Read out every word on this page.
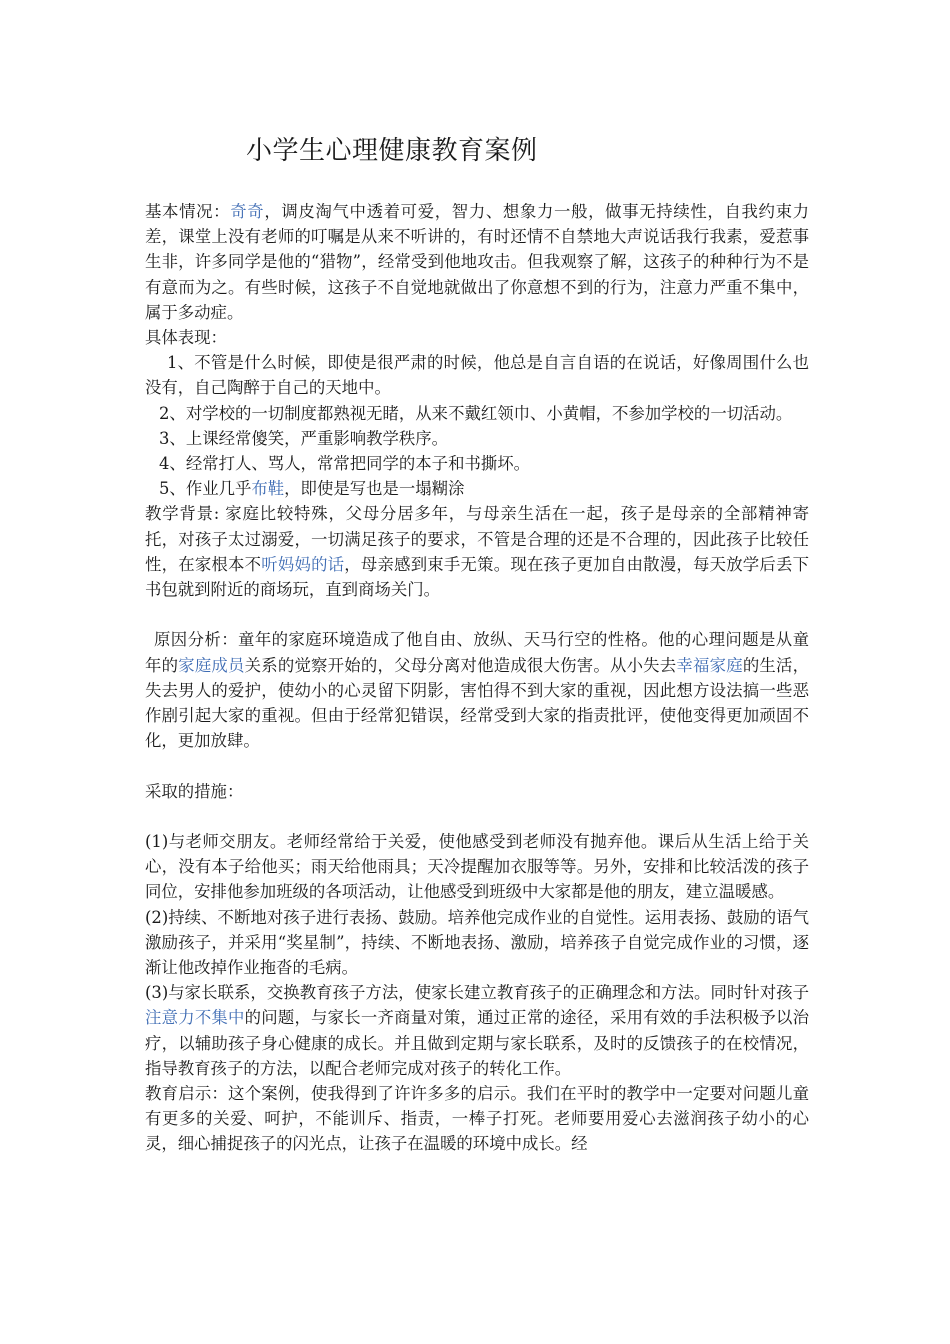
小学生心理健康教育案例

基本情况：奇奇，调皮淘气中透着可爱，智力、想象力一般，做事无持续性，自我约束力差，课堂上没有老师的叮嘱是从来不听讲的，有时还情不自禁地大声说话我行我素，爱惹事生非，许多同学是他的“猎物”，经常受到他地攻击。但我观察了解，这孩子的种种行为不是有意而为之。有些时候，这孩子不自觉地就做出了你意想不到的行为，注意力严重不集中，属于多动症。

具体表现：

1、不管是什么时候，即使是很严肃的时候，他总是自言自语的在说话，好像周围什么也没有，自己陶醉于自己的天地中。

2、对学校的一切制度都熟视无睹，从来不戴红领巾、小黄帽，不参加学校的一切活动。

3、上课经常傻笑，严重影响教学秩序。

4、经常打人、骂人，常常把同学的本子和书撕坏。

5、作业几乎布鞋，即使是写也是一塌糊涂

教学背景: 家庭比较特殊，父母分居多年，与母亲生活在一起，孩子是母亲的全部精神寄托，对孩子太过溺爱，一切满足孩子的要求，不管是合理的还是不合理的，因此孩子比较任性，在家根本不听妈妈的话，母亲感到束手无策。现在孩子更加自由散漫，每天放学后丢下书包就到附近的商场玩，直到商场关门。

原因分析：童年的家庭环境造成了他自由、放纵、天马行空的性格。他的心理问题是从童年的家庭成员关系的觉察开始的，父母分离对他造成很大伤害。从小失去幸福家庭的生活，失去男人的爱护，使幼小的心灵留下阴影，害怕得不到大家的重视，因此想方设法搞一些恶作剧引起大家的重视。但由于经常犯错误，经常受到大家的指责批评，使他变得更加顽固不化，更加放肆。

采取的措施：

(1)与老师交朋友。老师经常给于关爱，使他感受到老师没有抛弃他。课后从生活上给于关心，没有本子给他买；雨天给他雨具；天冷提醒加衣服等等。另外，安排和比较活泼的孩子同位，安排他参加班级的各项活动，让他感受到班级中大家都是他的朋友，建立温暖感。

(2)持续、不断地对孩子进行表扬、鼓励。培养他完成作业的自觉性。运用表扬、鼓励的语气激励孩子，并采用“奖星制”，持续、不断地表扬、激励，培养孩子自觉完成作业的习惯，逐渐让他改掉作业拖沓的毛病。

(3)与家长联系，交换教育孩子方法，使家长建立教育孩子的正确理念和方法。同时针对孩子注意力不集中的问题，与家长一齐商量对策，通过正常的途径，采用有效的手法积极予以治疗，以辅助孩子身心健康的成长。并且做到定期与家长联系，及时的反馈孩子的在校情况，指导教育孩子的方法，以配合老师完成对孩子的转化工作。

教育启示：这个案例，使我得到了许许多多的启示。我们在平时的教学中一定要对问题儿童有更多的关爱、呵护，不能训斥、指责，一棒子打死。老师要用爱心去滋润孩子幼小的心灵，细心捕捉孩子的闪光点，让孩子在温暖的环境中成长。经
